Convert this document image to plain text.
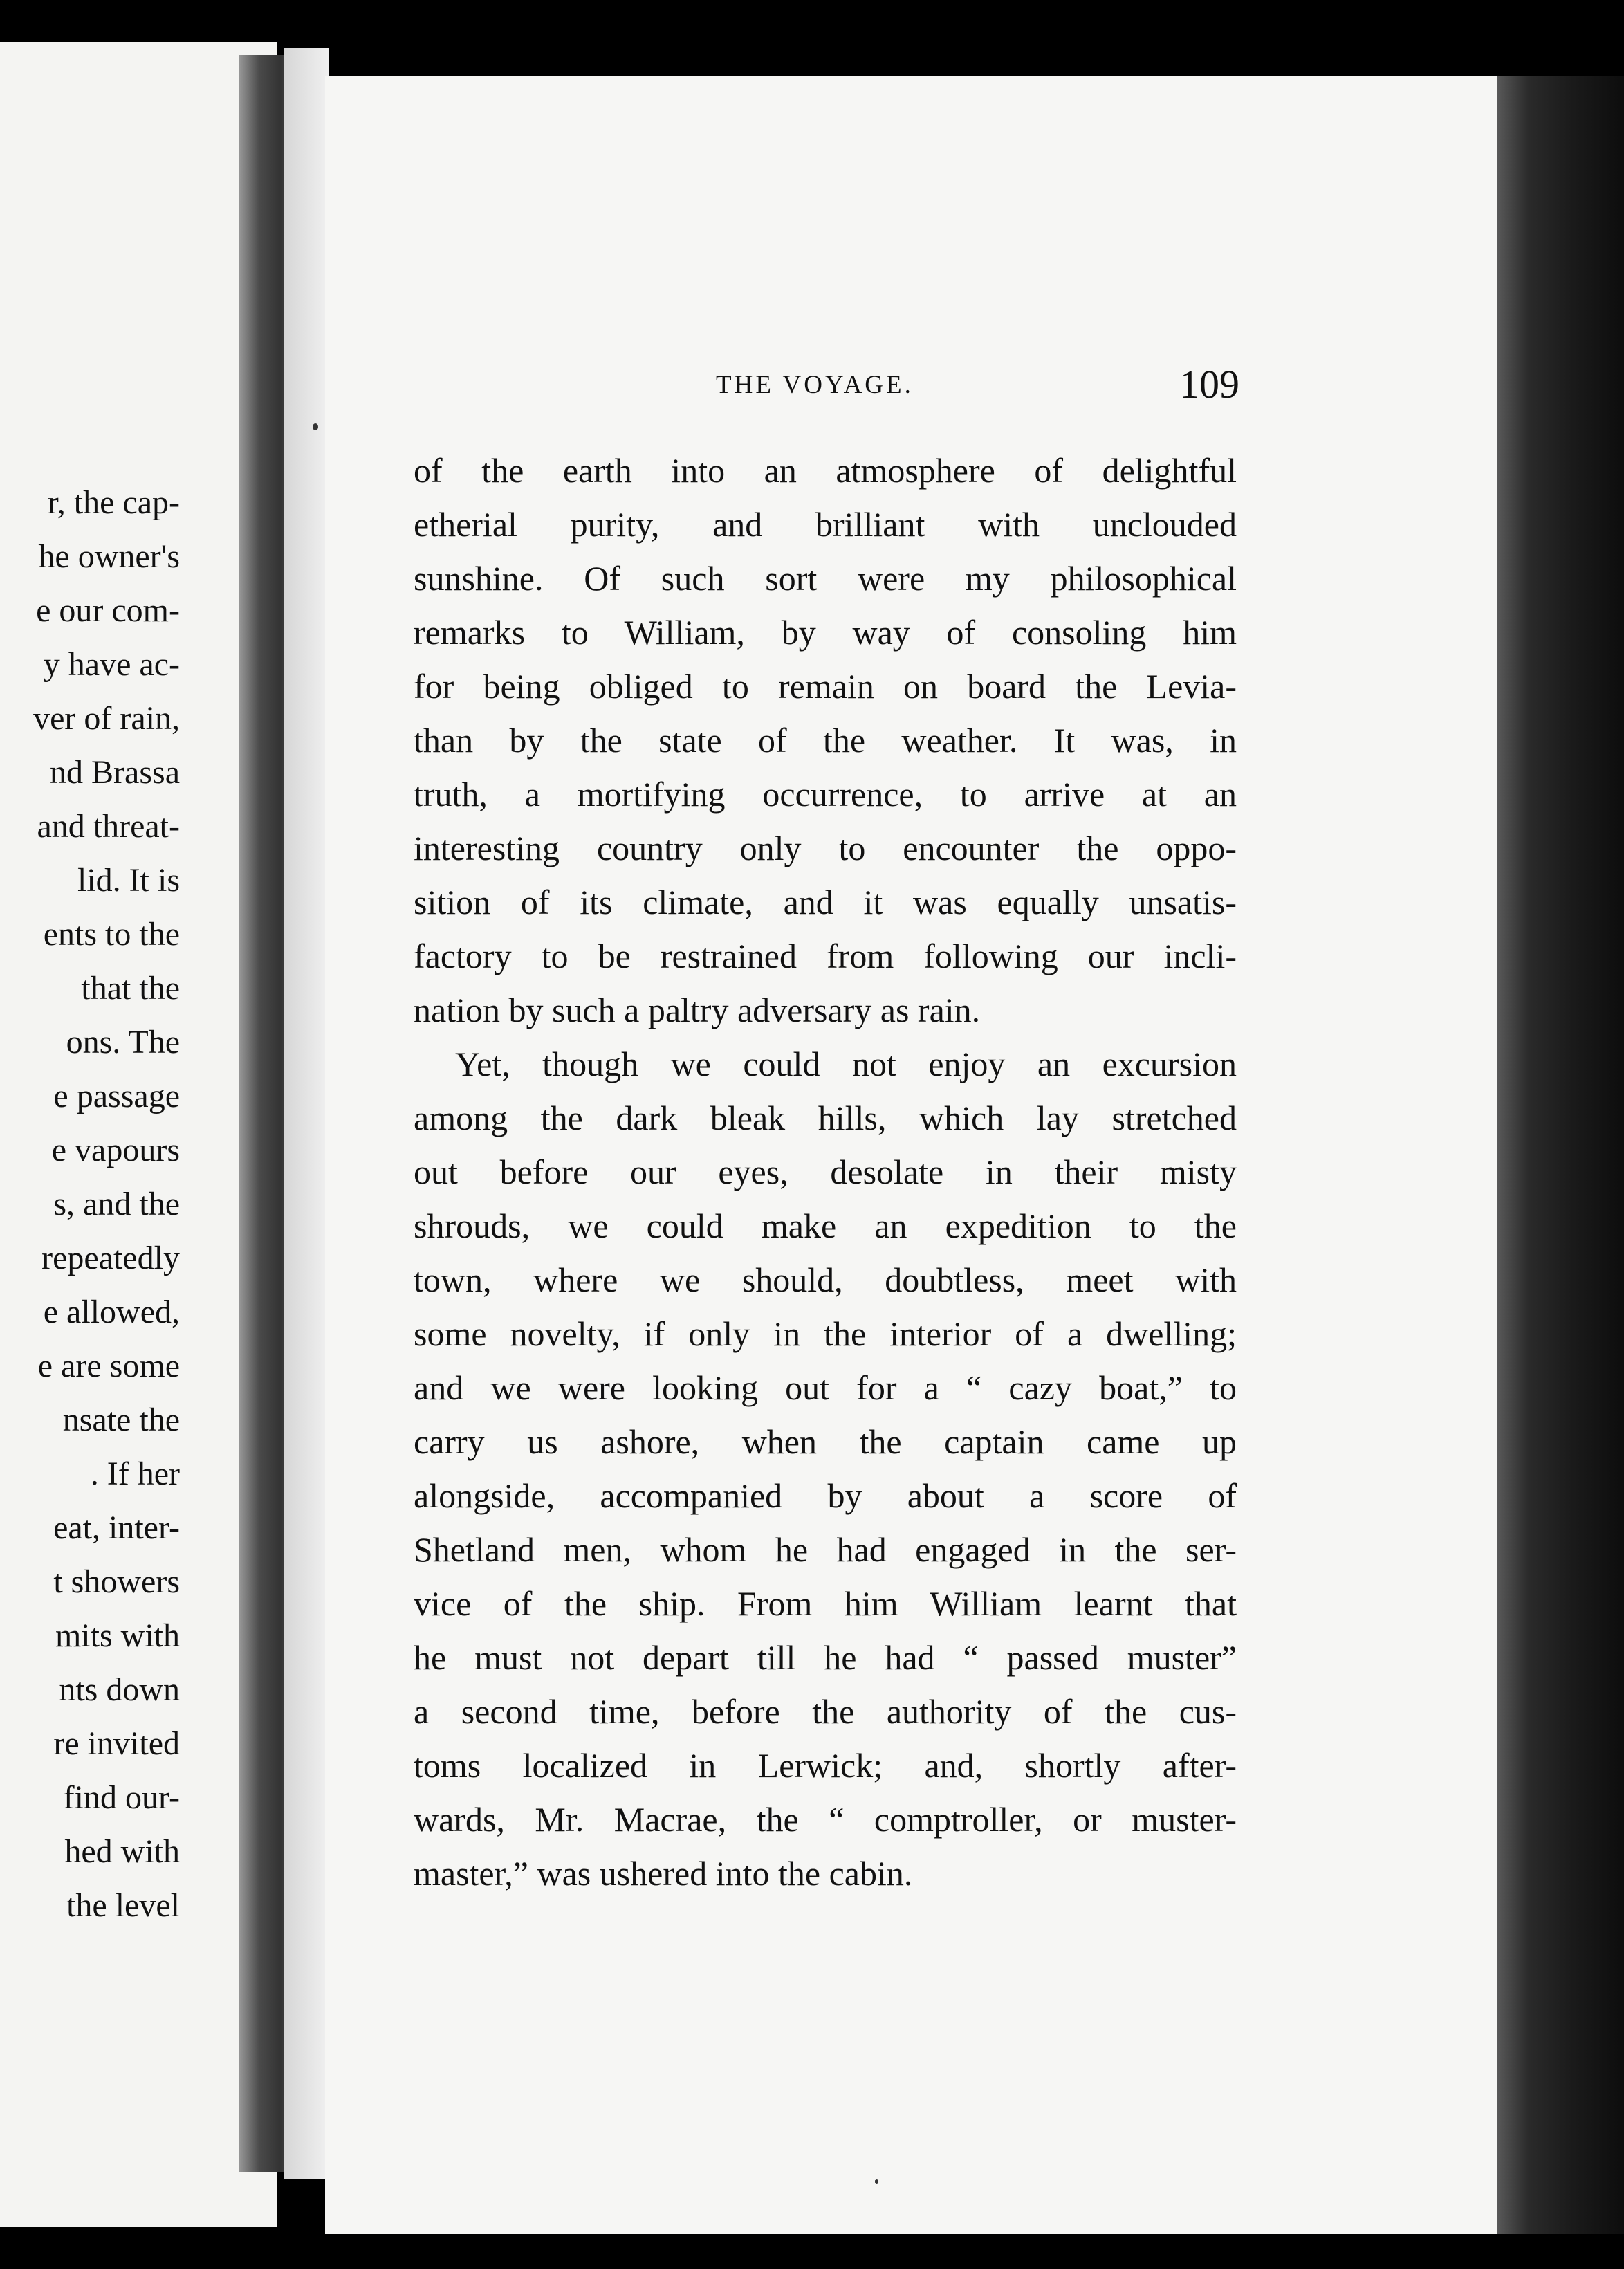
r, the cap-
he owner's
e our com-
y have ac-
ver of rain,
nd Brassa
and threat-
lid. It is
ents to the
that the
ons. The
e passage
e vapours
s, and the
repeatedly
e allowed,
e are some
nsate the
. If her
eat, inter-
t showers
mits with
nts down
re invited
find our-
hed with
the level
THE VOYAGE.	109
of the earth into an atmosphere of delightful
etherial purity, and brilliant with unclouded
sunshine. Of such sort were my philosophical
remarks to William, by way of consoling him
for being obliged to remain on board the Levia-
than by the state of the weather. It was, in
truth, a mortifying occurrence, to arrive at an
interesting country only to encounter the oppo-
sition of its climate, and it was equally unsatis-
factory to be restrained from following our incli-
nation by such a paltry adversary as rain.
Yet, though we could not enjoy an excursion
among the dark bleak hills, which lay stretched
out before our eyes, desolate in their misty
shrouds, we could make an expedition to the
town, where we should, doubtless, meet with
some novelty, if only in the interior of a dwelling;
and we were looking out for a “ cazy boat,” to
carry us ashore, when the captain came up
alongside, accompanied by about a score of
Shetland men, whom he had engaged in the ser-
vice of the ship. From him William learnt that
he must not depart till he had “ passed muster”
a second time, before the authority of the cus-
toms localized in Lerwick; and, shortly after-
wards, Mr. Macrae, the “ comptroller, or muster-
master,” was ushered into the cabin.
